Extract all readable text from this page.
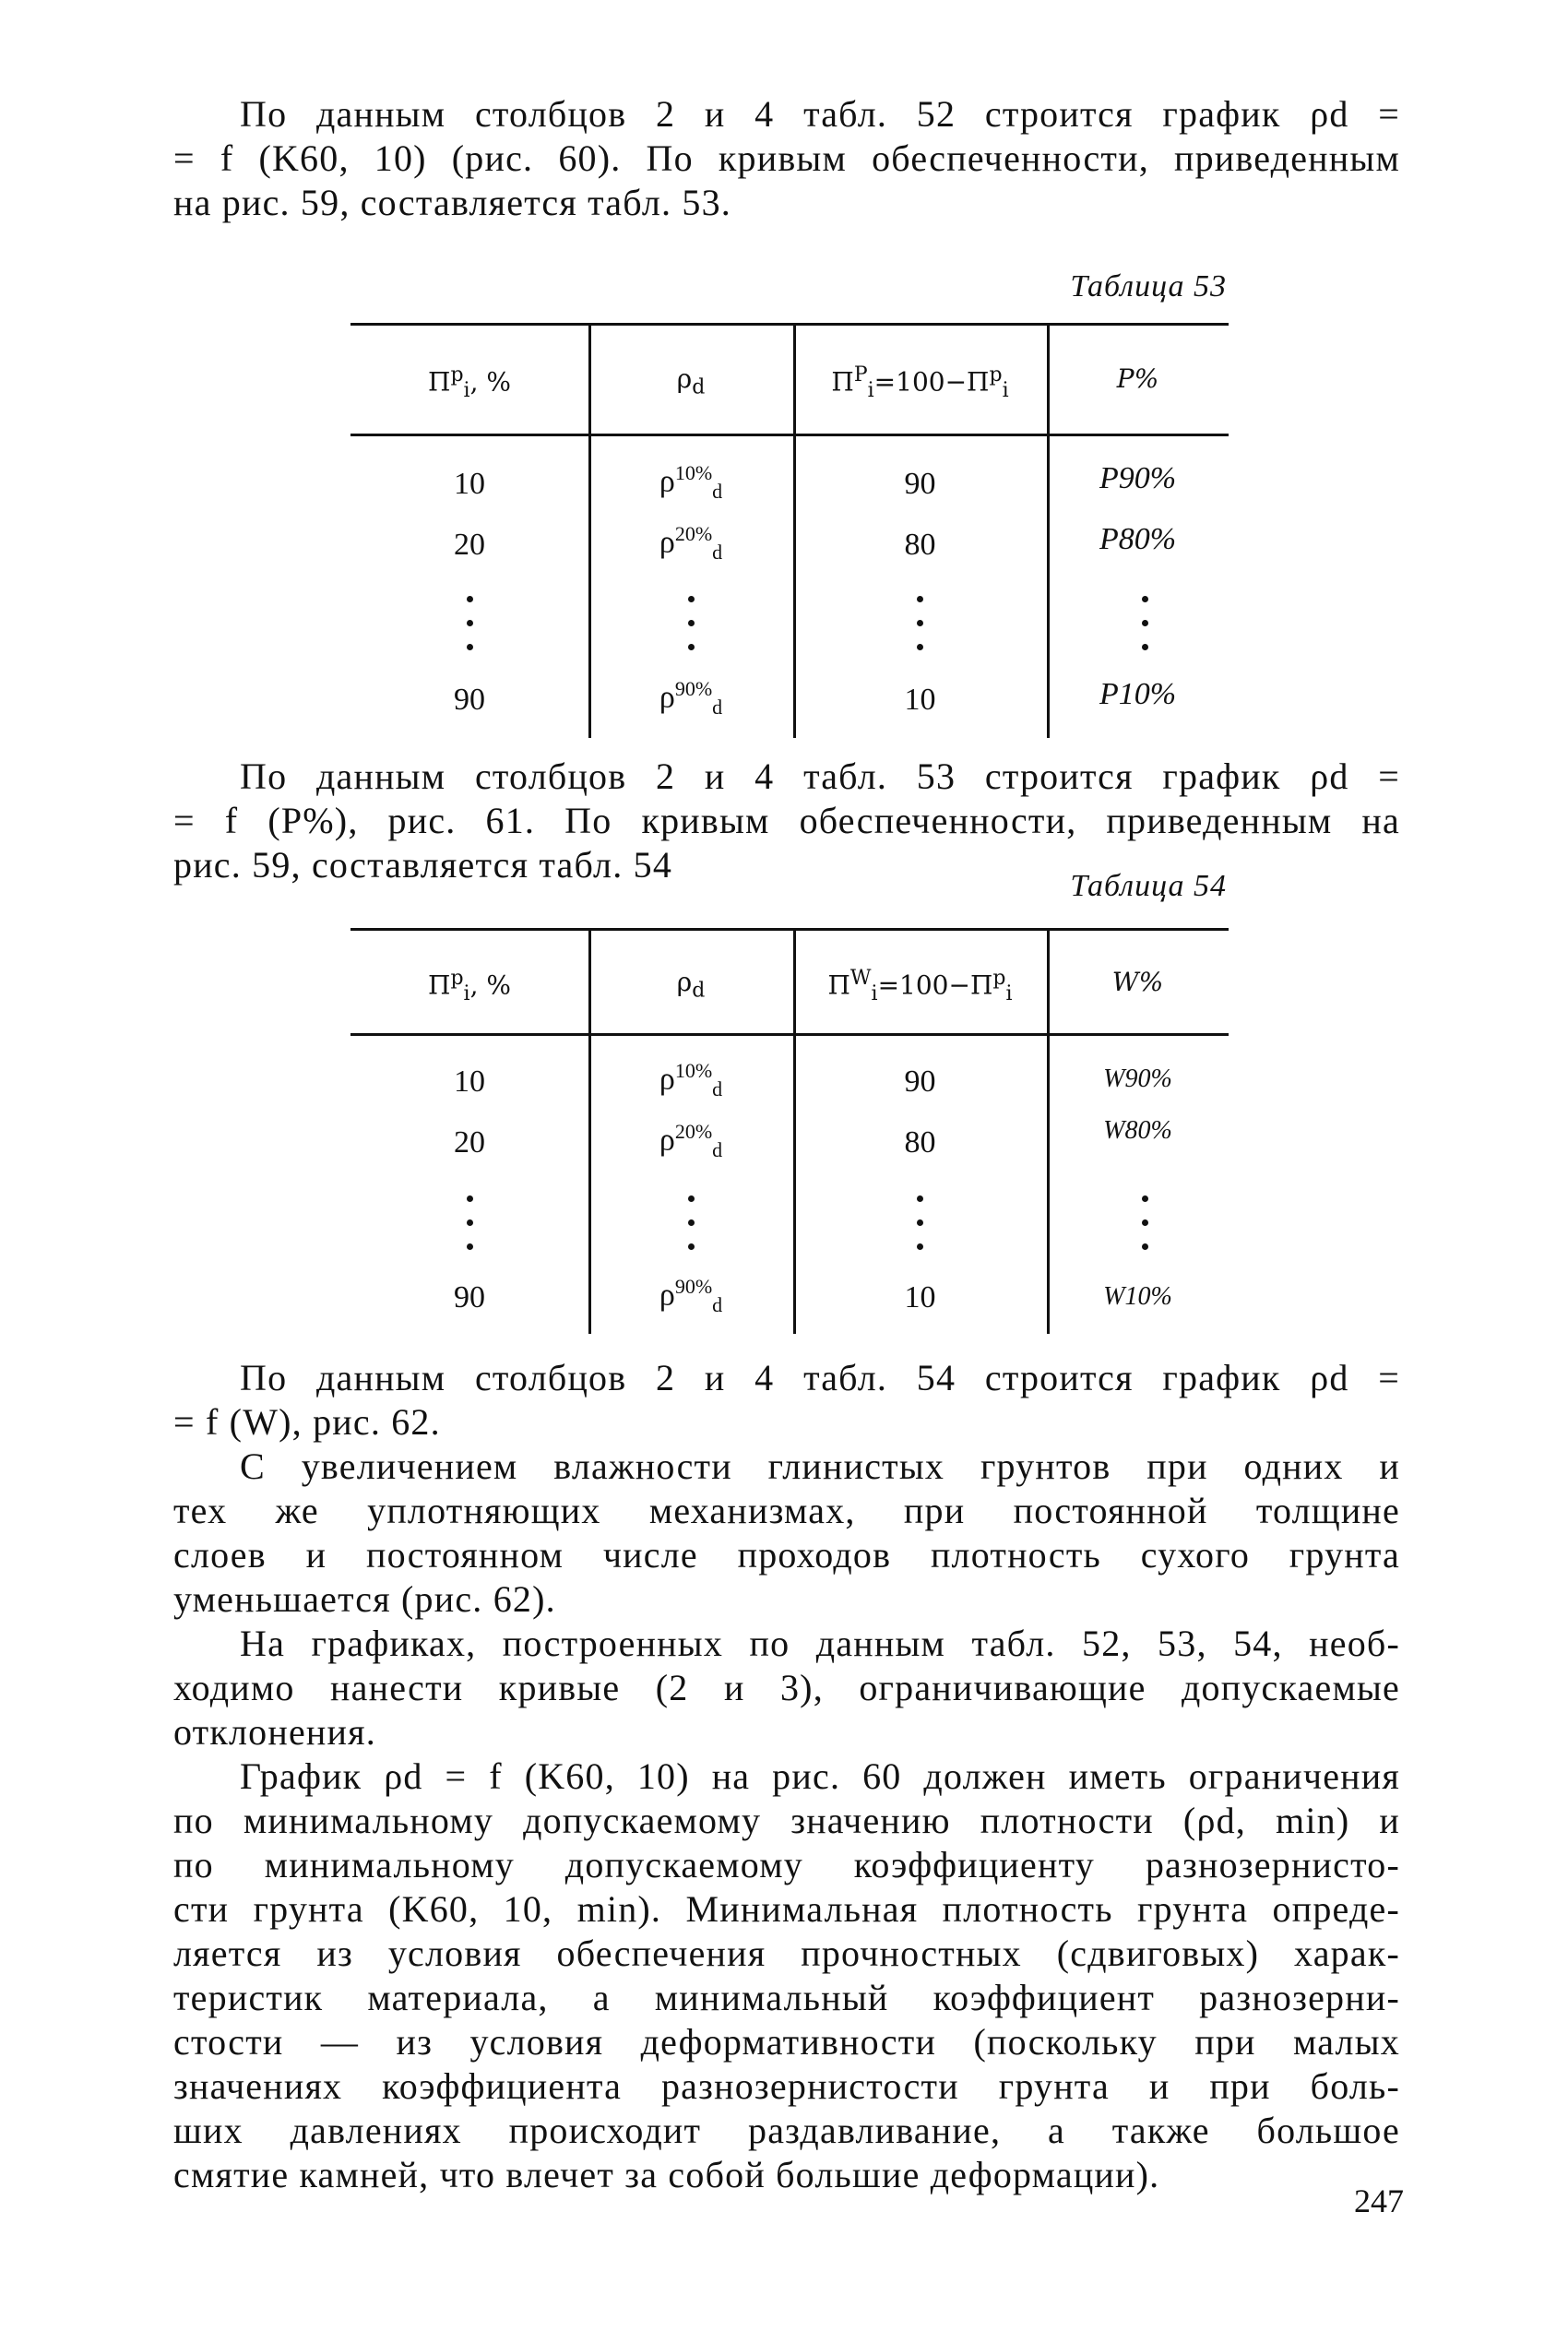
По данным столбцов 2 и 4 табл. 52 строится график ρd =
= f (K60, 10) (рис. 60). По кривым обеспеченности, приведенным
на рис. 59, составляется табл. 53.
Таблица 53
$П^p_i$, %	$\rho_d$	$П^P_i=100-П^p_i$	P%
10	$\rho^{10\%}_d$	90	P90%
20	$\rho^{20\%}_d$	80	P80%
90	$\rho^{90\%}_d$	10	P10%
По данным столбцов 2 и 4 табл. 53 строится график ρd =
= f (P%), рис. 61. По кривым обеспеченности, приведенным на
рис. 59, составляется табл. 54
Таблица 54
$П^p_i$, %	$\rho_d$	$П^W_i=100-П^p_i$	W%
10	$\rho^{10\%}_d$	90	W90%
20	$\rho^{20\%}_d$	80	W80%
90	$\rho^{90\%}_d$	10	W10%
По данным столбцов 2 и 4 табл. 54 строится график ρd =
= f (W), рис. 62.
С увеличением влажности глинистых грунтов при одних и
тех же уплотняющих механизмах, при постоянной толщине
слоев и постоянном числе проходов плотность сухого грунта
уменьшается (рис. 62).
На графиках, построенных по данным табл. 52, 53, 54, необ-
ходимо нанести кривые (2 и 3), ограничивающие допускаемые
отклонения.
График ρd = f (K60, 10) на рис. 60 должен иметь ограничения
по минимальному допускаемому значению плотности (ρd, min) и
по минимальному допускаемому коэффициенту разнозернисто-
сти грунта (K60, 10, min). Минимальная плотность грунта опреде-
ляется из условия обеспечения прочностных (сдвиговых) харак-
теристик материала, а минимальный коэффициент разнозерни-
стости — из условия деформативности (поскольку при малых
значениях коэффициента разнозернистости грунта и при боль-
ших давлениях происходит раздавливание, а также большое
смятие камней, что влечет за собой большие деформации).
247
